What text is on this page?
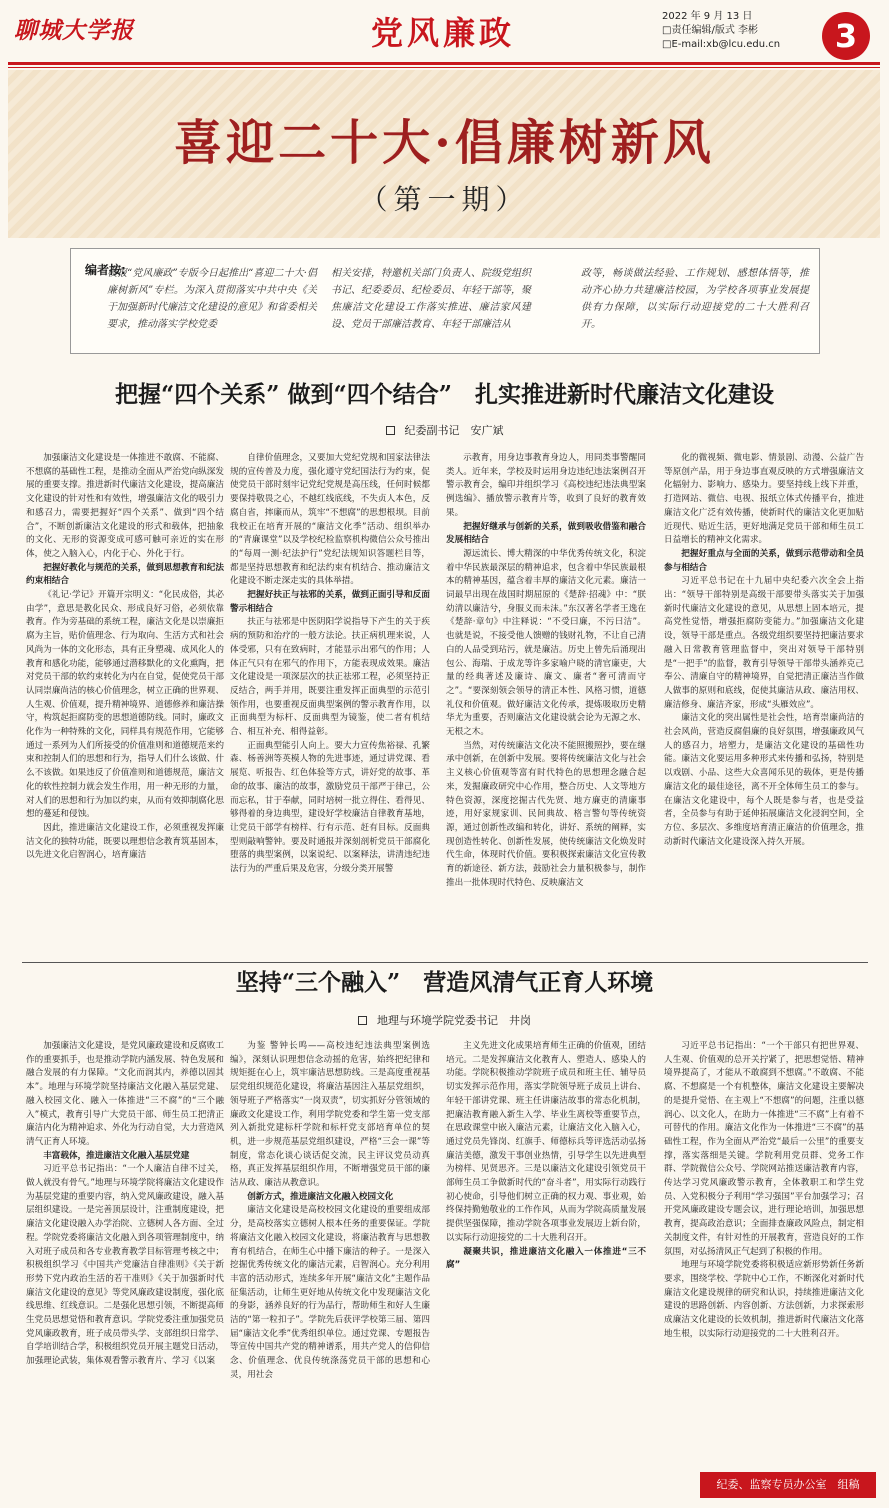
聊城大学报	党风廉政	2022 年 9 月 13 日
□责任编辑/版式 李彬
□E-mail:xb@lcu.edu.cn	3
喜迎二十大·倡廉树新风
（第一期）
编者按:
校报“党风廉政”专版今日起推出“喜迎二十大·倡廉树新风”专栏。为深入贯彻落实中共中央《关于加强新时代廉洁文化建设的意见》和省委相关要求，推动落实学校党委
相关安排，特邀机关部门负责人、院级党组织书记、纪委委员、纪检委员、年轻干部等，聚焦廉洁文化建设工作落实推进、廉洁家风建设、党员干部廉洁教育、年轻干部廉洁从
政等，畅谈做法经验、工作规划、感想体悟等，推动齐心协力共建廉洁校园，为学校各项事业发展提供有力保障，以实际行动迎接党的二十大胜利召开。
把握“四个关系” 做到“四个结合”　扎实推进新时代廉洁文化建设
纪委副书记　安广斌

加强廉洁文化建设是一体推进不敢腐、不能腐、不想腐的基础性工程，是推动全面从严治党向纵深发展的重要支撑。推进新时代廉洁文化建设，提高廉洁文化建设的针对性和有效性，增强廉洁文化的吸引力和感召力，需要把握好“四个关系”、做到“四个结合”，不断创新廉洁文化建设的形式和载体，把抽象的文化、无形的资源变成可感可触可亲近的实在形体，使之入脑入心，内化于心、外化于行。

把握好教化与规范的关系，做到思想教育和纪法约束相结合

《礼记·学记》开篇开宗明义：“化民成俗，其必由学”，意思是教化民众、形成良好习俗，必须依靠教育。作为旁基础的系统工程，廉洁文化是以崇廉拒腐为主旨，贴价值理念、行为取向、生活方式和社会风尚为一体的文化形态，具有正身塑魂、成风化人的教育和感化功能，能够通过潜移默化的文化熏陶，把对党员干部的软约束转化为内在自觉，促使党员干部认同崇廉尚洁的核心价值理念，树立正确的世界观、人生观、价值观，提升精神境界、道德修养和廉洁操守，构筑起拒腐防变的思想道德防线。同时，廉政文化作为一种特殊的文化，同样具有规范作用，它能够通过一系列为人们所接受的价值准则和道德规范来约束和控制人们的思想和行为，指导人们什么该做、什么不该做。如果违反了价值准则和道德规范，廉洁文化的软性控制力就会发生作用，用一种无形的力量，对人们的思想和行为加以约束，从而有效抑制腐化思想的蔓延和侵蚀。

因此，推进廉洁文化建设工作，必须重视发挥廉洁文化的独特功能，既要以理想信念教育筑基固本，以先进文化启智润心，培育廉洁

自律价值理念，又要加大党纪党规和国家法律法规的宣传普及力度，强化遵守党纪国法行为约束，促使党员干部时刻牢记党纪党规是高压线，任何时候都要保持敬畏之心，不越红线底线，不失贞人本色，反腐自省，摔廉而从，筑牢“不想腐”的思想根坝。目前我校正在培育开展的“廉洁文化季”活动、组织举办的“青廉课堂”以及学校纪检监察机构微信公众号推出的“每周一测·纪法护行”党纪法规知识答题栏目等，都是坚持思想教育和纪法约束有机结合、推动廉洁文化建设不断走深走实的具体举措。

把握好扶正与祛邪的关系，做到正面引导和反面警示相结合

扶正与祛邪是中医阴阳学说指导下产生的关于疾病的预防和治疗的一般方法论。扶正病机理来说，人体受邪，只有在致病时，才能显示出邪气的作用；人体正气只有在邪气的作用下，方能表现成效果。廉洁文化建设是一项深层次的扶正祛邪工程，必须坚持正反结合，两手并用，既要注重发挥正面典型的示范引领作用，也要重视反面典型案例的警示教育作用，以正面典型为标杆、反面典型为镜鉴，使二者有机结合、相互补充、相得益彰。

正面典型能引人向上。要大力宣传焦裕禄、孔繁森、杨善洲等英模人物的先进事迹，通过讲党课、看展览、听报告、红色体验等方式，讲好党的故事、革命的故事、廉洁的故事，激励党员干部严于律己，公而忘私，甘于奉献，同时培树一批立得住、看得见、够得着的身边典型，建设好学校廉洁自律教育基地，让党员干部学有榜样、行有示范、赶有目标。反面典型则敲响警钟。要及时通报并深刻剖析党员干部腐化堕落的典型案例，以案说纪、以案释法，讲清违纪违法行为的严重后果及危害，分级分类开展警

示教育，用身边事教育身边人，用同类事警醒同类人。近年来，学校及时运用身边违纪违法案例召开警示教育会，编印并组织学习《高校违纪违法典型案例选编》、播放警示教育片等，收到了良好的教育效果。

把握好继承与创新的关系，做到吸收借鉴和融合发展相结合

源远流长、博大精深的中华优秀传统文化，积淀着中华民族最深层的精神追求，包含着中华民族最根本的精神基因，蕴含着丰厚的廉洁文化元素。廉洁一词最早出现在战国时期屈原的《楚辞·招魂》中：“朕幼清以廉洁兮，身服义而未沬。”东汉著名学者王逸在《楚辞·章句》中注释说：“不受曰廉，不污曰洁”。也就是说，不接受他人馈赠的钱财礼物，不让自己清白的人品受到玷污，就是廉洁。历史上曾先后涌现出包公、海瑞、于成龙等许多家喻户晓的清官廉吏，大量的经典著述及廉诗、廉文、廉者“奢可清而守之”。“要深刻领会领导的清正本性、风格习惯，道德礼仪和价值观。做好廉洁文化传承，提炼吸取历史精华尤为重要，否则廉洁文化建设就会论为无源之水、无根之木。

当然，对传统廉洁文化决不能照搬照抄，要在继承中创新，在创新中发展。要将传统廉洁文化与社会主义核心价值观等富有时代特色的思想理念融合起来，发掘廉政研究中心作用，整合历史、人文等地方特色资源，深度挖掘古代先贤、地方廉吏的清廉事迹，用好家规家训、民间典故、格言警句等传统资源，通过创新性改编和转化，讲好、系统的阐释，实现创造性转化、创新性发展，使传统廉洁文化焕发时代生命，体现时代价值。要积极探索廉洁文化宣传教育的新途径、新方法，鼓励社会力量积极参与，制作推出一批体现时代特色、反映廉洁文

化的微视频、微电影、情景剧、动漫、公益广告等原创产品，用于身边事直观反映的方式增强廉洁文化辐射力、影响力、感染力。要坚持线上线下并重，打造网站、微信、电视、报纸立体式传播平台，推进廉洁文化广泛有效传播，使新时代的廉洁文化更加贴近现代、贴近生活，更好地满足党员干部和师生员工日益增长的精神文化需求。

把握好重点与全面的关系，做到示范带动和全员参与相结合

习近平总书记在十九届中央纪委六次全会上指出：“领导干部特别是高级干部要带头落实关于加强新时代廉洁文化建设的意见，从思想上固本培元，提高党性觉悟，增强拒腐防变能力。”加强廉洁文化建设，领导干部是重点。各级党组织要坚持把廉洁要求融入日常教育管理监督中，突出对领导干部特别是“一把手”的监督，教育引导领导干部带头涵养克己奉公、清廉自守的精神境界，自觉把清正廉洁当作做人做事的原则和底线，促使其廉洁从政、廉洁用权、廉洁修身、廉洁齐家，形成“头雁效应”。

廉洁文化的突出属性是社会性，培育崇廉尚洁的社会风尚，营造反腐倡廉的良好氛围，增强廉政风气人的感召力，培塑力，是廉洁文化建设的基础性功能。廉洁文化要运用多种形式来传播和弘扬，特别是以戏剧、小品、这些大众喜闻乐见的载体，更是传播廉洁文化的最佳途径，离不开全体师生员工的参与。在廉洁文化建设中，每个人既是参与者，也是受益者，全员参与有助于延伸拓展廉洁文化浸润空间，全方位、多层次、多维度培育清正廉洁的价值理念，推动新时代廉洁文化建设深入持久开展。

坚持“三个融入”　营造风清气正育人环境
地理与环境学院党委书记　井岗

加强廉洁文化建设，是党风廉政建设和反腐败工作的重要抓手，也是推动学院内涵发展、特色发展和融合发展的有力保障。“文化而润其内，养德以固其本”。地理与环境学院坚持廉洁文化融入基层党建、融入校园文化、融入一体推进“三不腐”的“三个融入”模式，教育引导广大党员干部、师生员工把清正廉洁内化为精神追求、外化为行动自觉，大力营造风清气正育人环境。

丰富载体，推进廉洁文化融入基层党建

习近平总书记指出：“一个人廉洁自律不过关，做人就没有骨气。”地理与环境学院将廉洁文化建设作为基层党建的重要内容，纳入党风廉政建设，融入基层组织建设。一是完善顶层设计，注重制度建设，把廉洁文化建设融入办学治院、立德树人各方面、全过程。学院党委将廉洁文化融入到各项管理制度中，纳入对班子成员和各专业教育教学目标管理考核之中；积极组织学习《中国共产党廉洁自律准则》《关于新形势下党内政治生活的若干准则》《关于加强新时代廉洁文化建设的意见》等党风廉政建设制度，强化底线思维、红线意识。二是强化思想引领，不断提高师生党员思想觉悟和教育意识。学院党委注重加强党员党风廉政教育，班子成员带头学、支部组织日常学、自学培训结合学，积极组织党员开展主题党日活动，加强理论武装，集体观看警示教育片、学习《以案

为鉴 警钟长鸣——高校违纪违法典型案例选编》，深刻认识理想信念动摇的危害，始终把纪律和规矩挺在心上，筑牢廉洁思想防线。三是高度重视基层党组织规范化建设，将廉洁基因注入基层党组织，领导班子严格落实“一岗双责”，切实抓好分管领域的廉政文化建设工作，利用学院党委和学生第一党支部列入新批党建标杆学院和标杆党支部培育单位的契机，进一步规范基层党组织建设，严格“三会一课”等制度，常态化谈心谈话促交流，民主评议党员动真格，真正发挥基层组织作用，不断增强党员干部的廉洁从政、廉洁从教意识。

创新方式，推进廉洁文化融入校园文化

廉洁文化建设是高校校园文化建设的重要组成部分，是高校落实立德树人根本任务的重要保证。学院将廉洁文化融入校园文化建设，将廉洁教育与思想教育有机结合，在师生心中播下廉洁的种子。一是深入挖掘优秀传统文化的廉洁元素，启智润心。充分利用丰富的活动形式，连续多年开展“廉洁文化”主题作品征集活动，让师生更好地从传统文化中发现廉洁文化的身影，涵养良好的行为品行，帮助师生和好人生廉洁的“第一粒扣子”。学院先后获评学校第三届、第四届“廉洁文化季”优秀组织单位。通过党课、专题报告等宣传中国共产党的精神谱系，用共产党人的信仰信念、价值理念、优良传统涤荡党员干部的思想和心灵，用社会

主义先进文化成果培育师生正确的价值观，团结培元。二是发挥廉洁文化教育人、塑造人、感染人的功能。学院积极推动学院班子成员和班主任、辅导员切实发挥示范作用，落实学院领导班子成员上讲台、年轻干部讲党课、班主任讲廉洁故事的常态化机制，把廉洁教育融入新生入学、毕业生离校等重要节点，在思政课堂中嵌入廉洁元素，让廉洁文化入脑入心，通过党员先锋岗、红旗手、师德标兵等评选活动弘扬廉洁美德，激发干事创业热情，引导学生以先进典型为榜样、见贤思齐。三是以廉洁文化建设引领党员干部师生员工争做新时代的“奋斗者”，用实际行动践行初心使命，引导他们树立正确的权力观、事业观，始终保持勤勉敬业的工作作风，从而为学院高质量发展提供坚强保障，推动学院各项事业发展迈上新台阶，以实际行动迎接党的二十大胜利召开。

凝聚共识，推进廉洁文化融入一体推进“三不腐”

习近平总书记指出：“一个干部只有把世界观、人生观、价值观的总开关拧紧了，把思想觉悟、精神境界提高了，才能从不敢腐到不想腐。”不敢腐、不能腐、不想腐是一个有机整体，廉洁文化建设主要解决的是提升觉悟、在主观上“不想腐”的问题，注重以德润心、以文化人，在助力一体推进“三不腐”上有着不可替代的作用。廉洁文化作为一体推进“三不腐”的基础性工程，作为全面从严治党“最后一公里”的重要支撑，落实落细是关键。学院利用党员群、党务工作群、学院微信公众号、学院网站推送廉洁教育内容，传达学习党风廉政警示教育，全体教职工和学生党员、入党积极分子利用“学习强国”平台加强学习；召开党风廉政建设专题会议，进行理论培训，加强思想教育，提高政治意识；全面排查廉政风险点，制定相关制度文件，有针对性的开展教育，营造良好的工作氛围，对弘扬清风正气起到了积极的作用。

地理与环境学院党委将积极适应新形势新任务新要求，围绕学校、学院中心工作，不断深化对新时代廉洁文化建设规律的研究和认识，持续推进廉洁文化建设的思路创新、内容创新、方法创新，力求探索形成廉洁文化建设的长效机制，推进新时代廉洁文化落地生根，以实际行动迎接党的二十大胜利召开。

纪委、监察专员办公室　组稿
